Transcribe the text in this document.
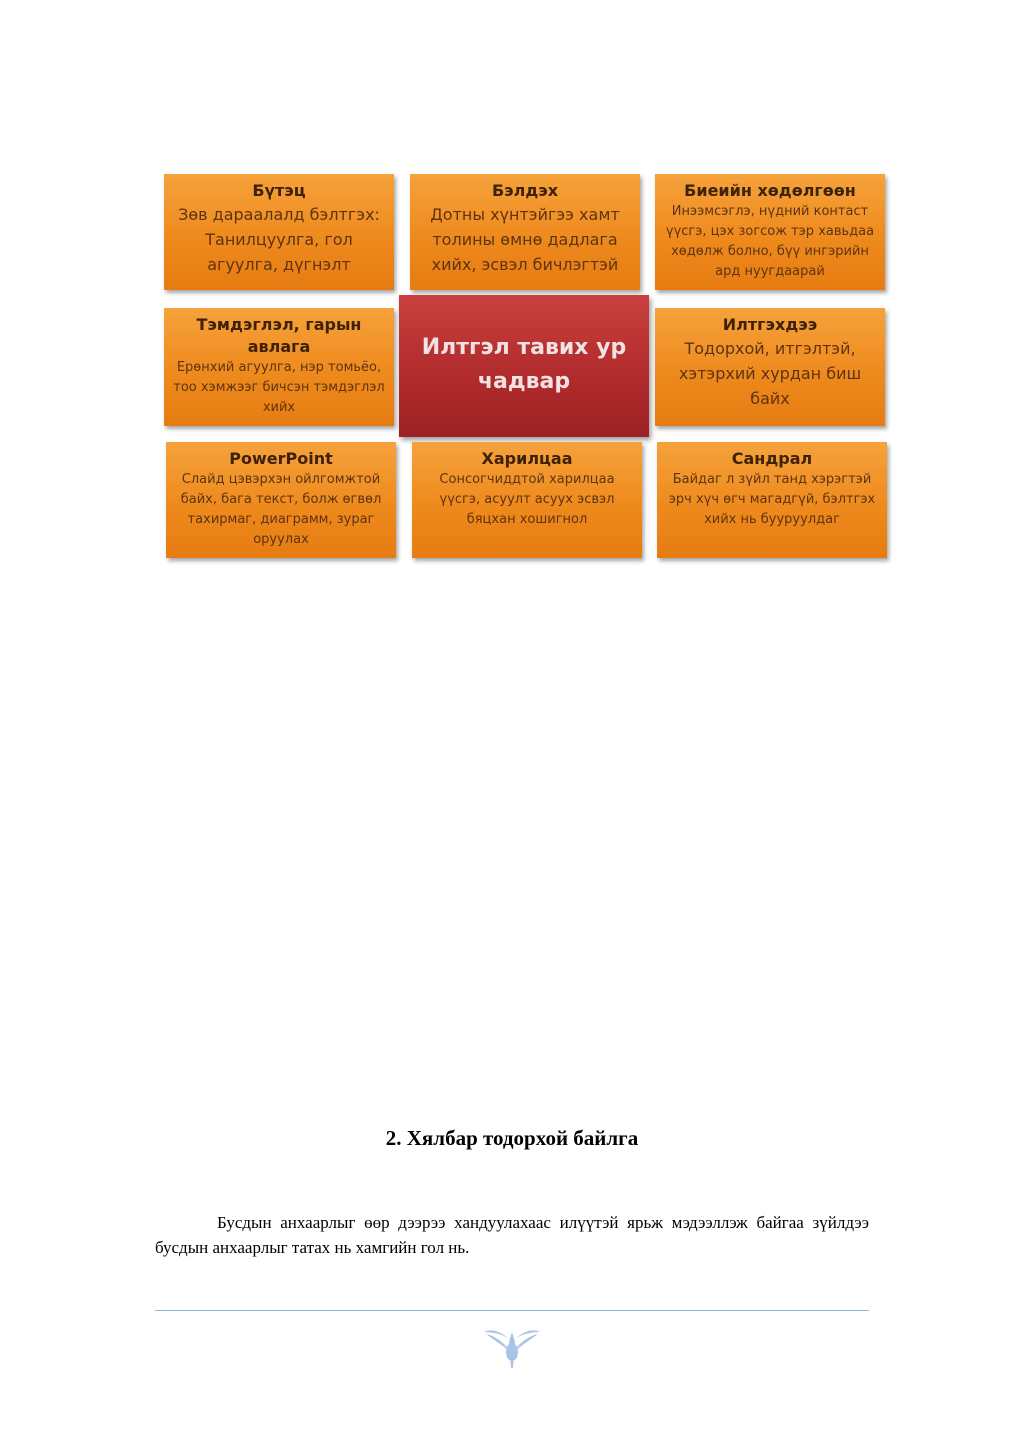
Бүтэц
Зөв дараалалд бэлтгэх: Танилцуулга, гол агуулга, дүгнэлт
Бэлдэх
Дотны хүнтэйгээ хамт толины өмнө дадлага хийх, эсвэл бичлэгтэй
Биеийн хөдөлгөөн
Инээмсэглэ, нүдний контаст үүсгэ, цэх зогсож тэр хавьдаа хөдөлж болно, бүү ингэрийн ард нуугдаарай
Тэмдэглэл, гарын авлага
Ерөнхий агуулга, нэр томьёо, тоо хэмжээг бичсэн тэмдэглэл хийх
Илтгэл тавих ур чадвар
Илтгэхдээ
Тодорхой, итгэлтэй, хэтэрхий хурдан биш байх
PowerPoint
Слайд цэвэрхэн ойлгомжтой байх, бага текст, болж өгвөл тахирмаг, диаграмм, зураг оруулах
Харилцаа
Сонсогчиддтой харилцаа үүсгэ, асуулт асуух эсвэл бяцхан хошигнол
Сандрал
Байдаг л зүйл танд хэрэгтэй эрч хүч өгч магадгүй, бэлтгэх хийх нь бууруулдаг
2. Хялбар тодорхой байлга
Бусдын анхаарлыг өөр дээрээ хандуулахаас илүүтэй ярьж мэдээллэж байгаа зүйлдээ бусдын анхаарлыг татах нь хамгийн гол нь.
